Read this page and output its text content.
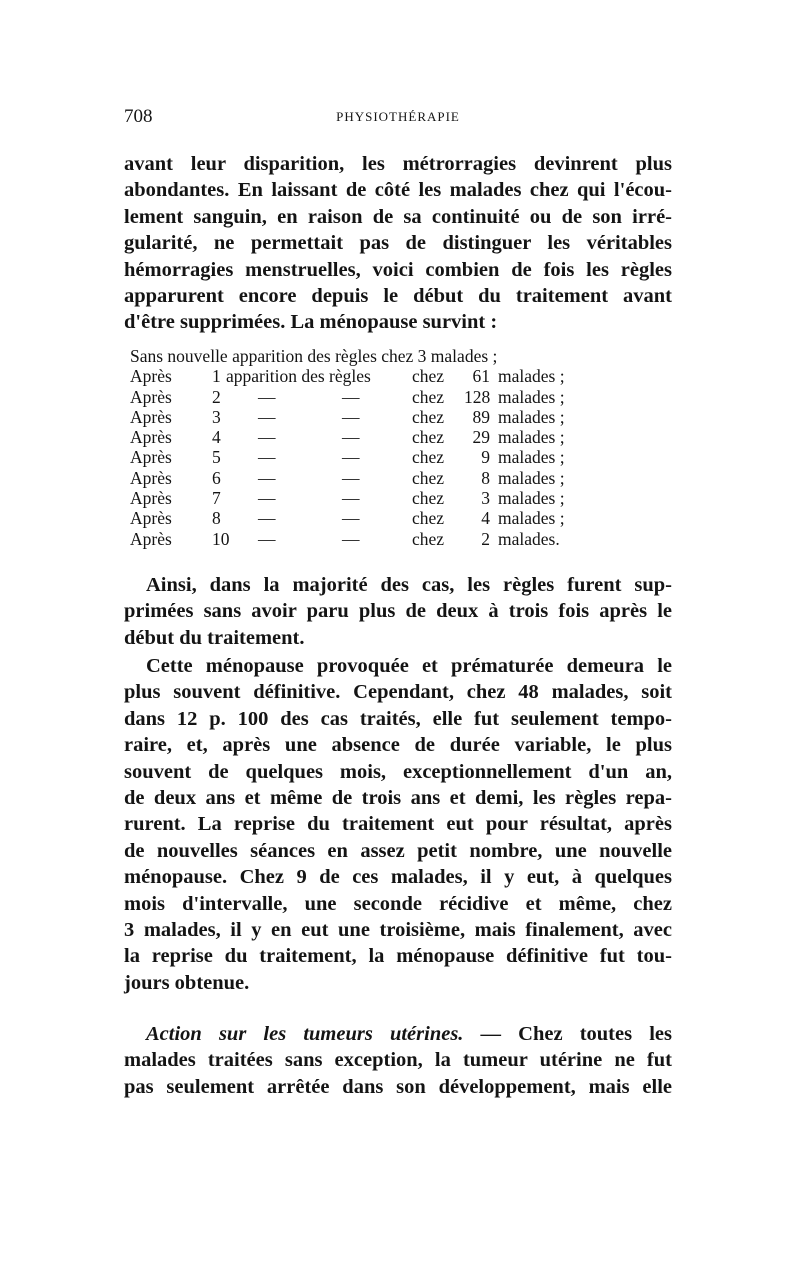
708	PHYSIOTHÉRAPIE
avant leur disparition, les métrorragies devinrent plus
abondantes. En laissant de côté les malades chez qui l'écou-
lement sanguin, en raison de sa continuité ou de son irré-
gularité, ne permettait pas de distinguer les véritables
hémorragies menstruelles, voici combien de fois les règles
apparurent encore depuis le début du traitement avant
d'être supprimées. La ménopause survint :
Sans nouvelle apparition des règles chez 3 malades ;
Après 1 apparition des règles chez	61 malades ;
Après 2 —	—	chez 128 malades ;
Après 3 —	—	chez	89 malades ;
Après 4 —	—	chez	29 malades ;
Après 5 —	—	chez	9 malades ;
Après 6 —	—	chez	8 malades ;
Après 7 —	—	chez	3 malades ;
Après 8 —	—	chez	4 malades ;
Après 10 —	—	chez	2 malades.
Ainsi, dans la majorité des cas, les règles furent sup-
primées sans avoir paru plus de deux à trois fois après le
début du traitement.
Cette ménopause provoquée et prématurée demeura le
plus souvent définitive. Cependant, chez 48 malades, soit
dans 12 p. 100 des cas traités, elle fut seulement tempo-
raire, et, après une absence de durée variable, le plus
souvent de quelques mois, exceptionnellement d'un an,
de deux ans et même de trois ans et demi, les règles repa-
rurent. La reprise du traitement eut pour résultat, après
de nouvelles séances en assez petit nombre, une nouvelle
ménopause. Chez 9 de ces malades, il y eut, à quelques
mois d'intervalle, une seconde récidive et même, chez
3 malades, il y en eut une troisième, mais finalement, avec
la reprise du traitement, la ménopause définitive fut tou-
jours obtenue.
Action sur les tumeurs utérines. — Chez toutes les
malades traitées sans exception, la tumeur utérine ne fut
pas seulement arrêtée dans son développement, mais elle
